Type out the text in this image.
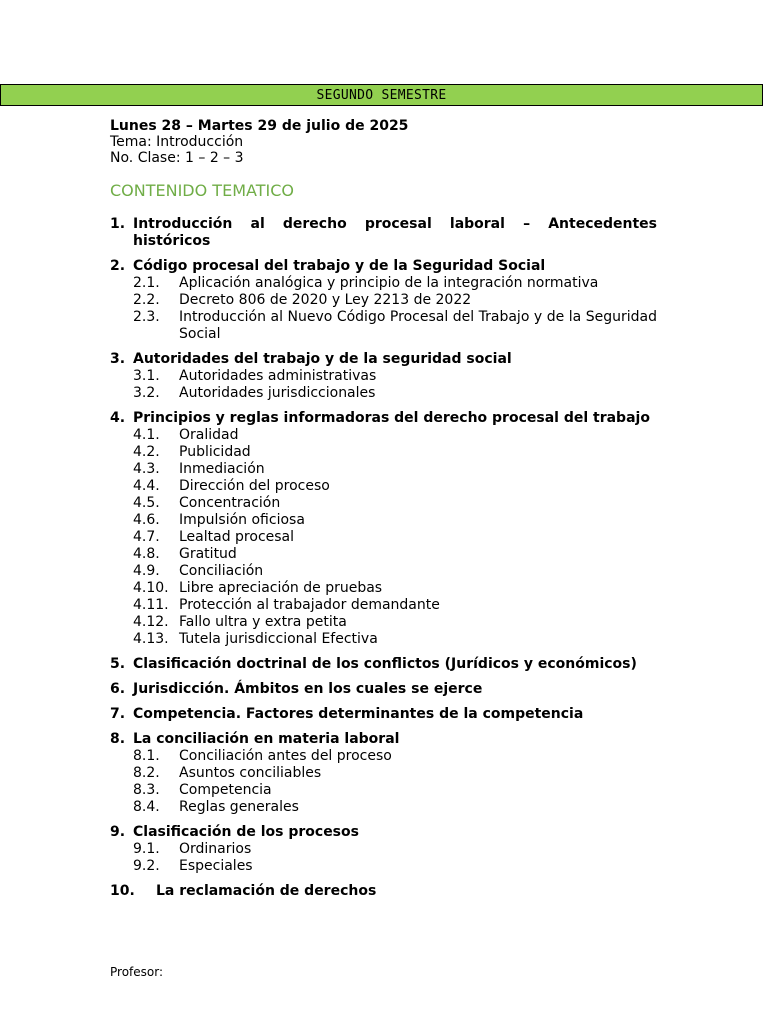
SEGUNDO SEMESTRE

Lunes 28 – Martes 29 de julio de 2025

Tema: Introducción

No. Clase: 1 – 2 – 3

CONTENIDO TEMATICO

1. Introducción al derecho procesal laboral – Antecedentes históricos
2. Código procesal del trabajo y de la Seguridad Social
2.1.	Aplicación analógica y principio de la integración normativa
2.2.	Decreto 806 de 2020 y Ley 2213 de 2022
2.3.	Introducción al Nuevo Código Procesal del Trabajo y de la Seguridad Social
3. Autoridades del trabajo y de la seguridad social
3.1.	Autoridades administrativas
3.2.	Autoridades jurisdiccionales
4. Principios y reglas informadoras del derecho procesal del trabajo
4.1.	Oralidad
4.2.	Publicidad
4.3.	Inmediación
4.4.	Dirección del proceso
4.5.	Concentración
4.6.	Impulsión oficiosa
4.7.	Lealtad procesal
4.8.	Gratitud
4.9.	Conciliación
4.10. Libre apreciación de pruebas
4.11. Protección al trabajador demandante
4.12. Fallo ultra y extra petita
4.13. Tutela jurisdiccional Efectiva
5. Clasificación doctrinal de los conflictos (Jurídicos y económicos)
6. Jurisdicción. Ámbitos en los cuales se ejerce
7. Competencia. Factores determinantes de la competencia
8. La conciliación en materia laboral
8.1.	Conciliación antes del proceso
8.2.	Asuntos conciliables
8.3.	Competencia
8.4.	Reglas generales
9. Clasificación de los procesos
9.1.	Ordinarios
9.2.	Especiales
10.	La reclamación de derechos
Profesor:
